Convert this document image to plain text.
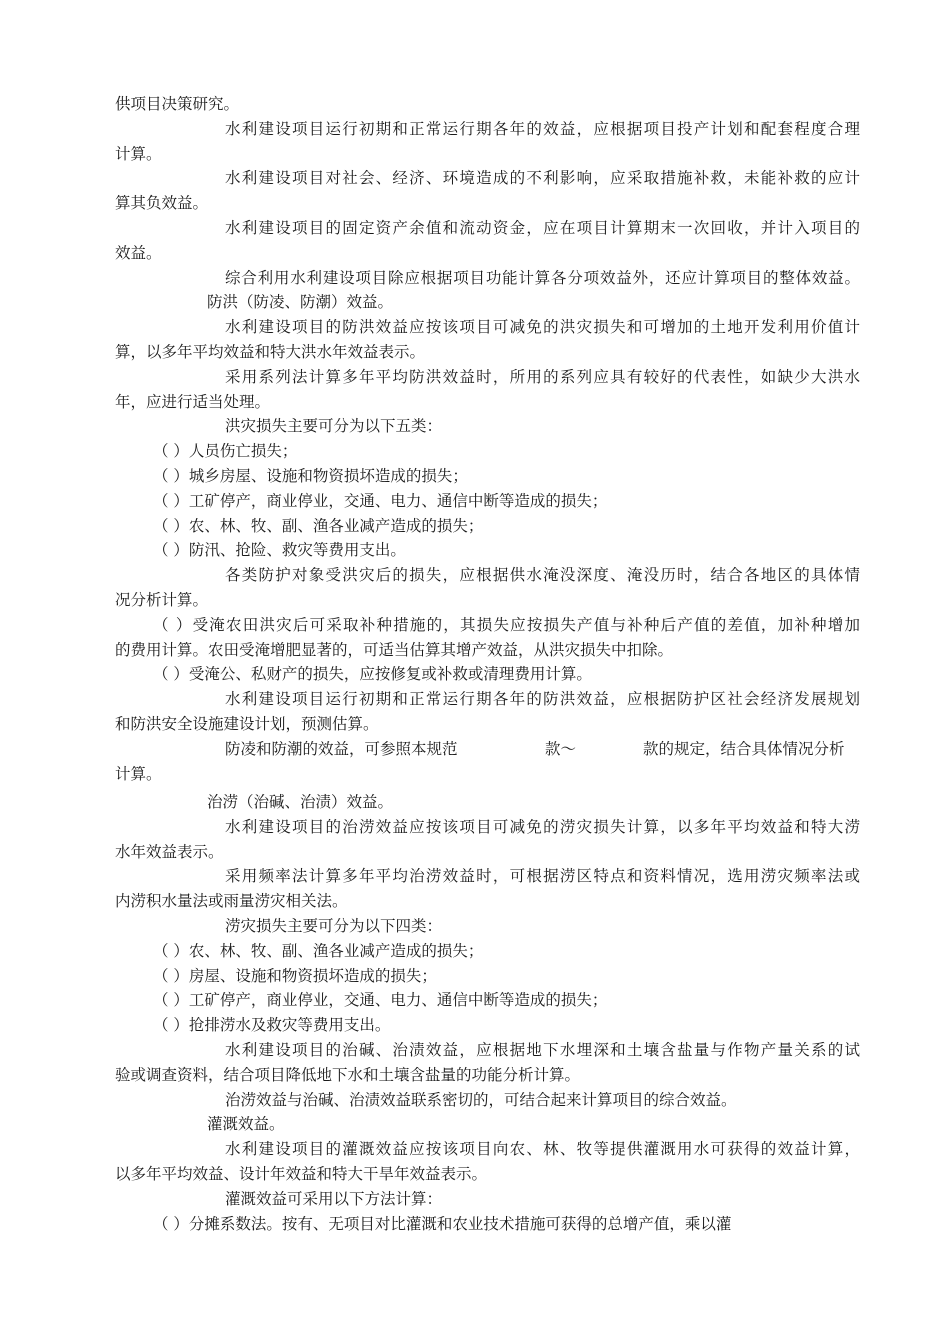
供项目决策研究。
水利建设项目运行初期和正常运行期各年的效益，应根据项目投产计划和配套程度合理
计算。
水利建设项目对社会、经济、环境造成的不利影响，应采取措施补救，未能补救的应计
算其负效益。
水利建设项目的固定资产余值和流动资金，应在项目计算期末一次回收，并计入项目的
效益。
综合利用水利建设项目除应根据项目功能计算各分项效益外，还应计算项目的整体效益。
防洪（防凌、防潮）效益。
水利建设项目的防洪效益应按该项目可减免的洪灾损失和可增加的土地开发利用价值计
算，以多年平均效益和特大洪水年效益表示。
采用系列法计算多年平均防洪效益时，所用的系列应具有较好的代表性，如缺少大洪水
年，应进行适当处理。
洪灾损失主要可分为以下五类：
（ ）人员伤亡损失；
（ ）城乡房屋、设施和物资损坏造成的损失；
（ ）工矿停产，商业停业，交通、电力、通信中断等造成的损失；
（ ）农、林、牧、副、渔各业减产造成的损失；
（ ）防汛、抢险、救灾等费用支出。
各类防护对象受洪灾后的损失，应根据供水淹没深度、淹没历时，结合各地区的具体情
况分析计算。
（ ）受淹农田洪灾后可采取补种措施的，其损失应按损失产值与补种后产值的差值，加补种增加
的费用计算。农田受淹增肥显著的，可适当估算其增产效益，从洪灾损失中扣除。
（ ）受淹公、私财产的损失，应按修复或补救或清理费用计算。
水利建设项目运行初期和正常运行期各年的防洪效益，应根据防护区社会经济发展规划
和防洪安全设施建设计划，预测估算。
防凌和防潮的效益，可参照本规范	款～	款的规定，结合具体情况分析
计算。
治涝（治碱、治渍）效益。
水利建设项目的治涝效益应按该项目可减免的涝灾损失计算，以多年平均效益和特大涝
水年效益表示。
采用频率法计算多年平均治涝效益时，可根据涝区特点和资料情况，选用涝灾频率法或
内涝积水量法或雨量涝灾相关法。
涝灾损失主要可分为以下四类：
（ ）农、林、牧、副、渔各业减产造成的损失；
（ ）房屋、设施和物资损坏造成的损失；
（ ）工矿停产，商业停业，交通、电力、通信中断等造成的损失；
（ ）抢排涝水及救灾等费用支出。
水利建设项目的治碱、治渍效益，应根据地下水埋深和土壤含盐量与作物产量关系的试
验或调查资料，结合项目降低地下水和土壤含盐量的功能分析计算。
治涝效益与治碱、治渍效益联系密切的，可结合起来计算项目的综合效益。
灌溉效益。
水利建设项目的灌溉效益应按该项目向农、林、牧等提供灌溉用水可获得的效益计算，
以多年平均效益、设计年效益和特大干旱年效益表示。
灌溉效益可采用以下方法计算：
（ ）分摊系数法。按有、无项目对比灌溉和农业技术措施可获得的总增产值，乘以灌
